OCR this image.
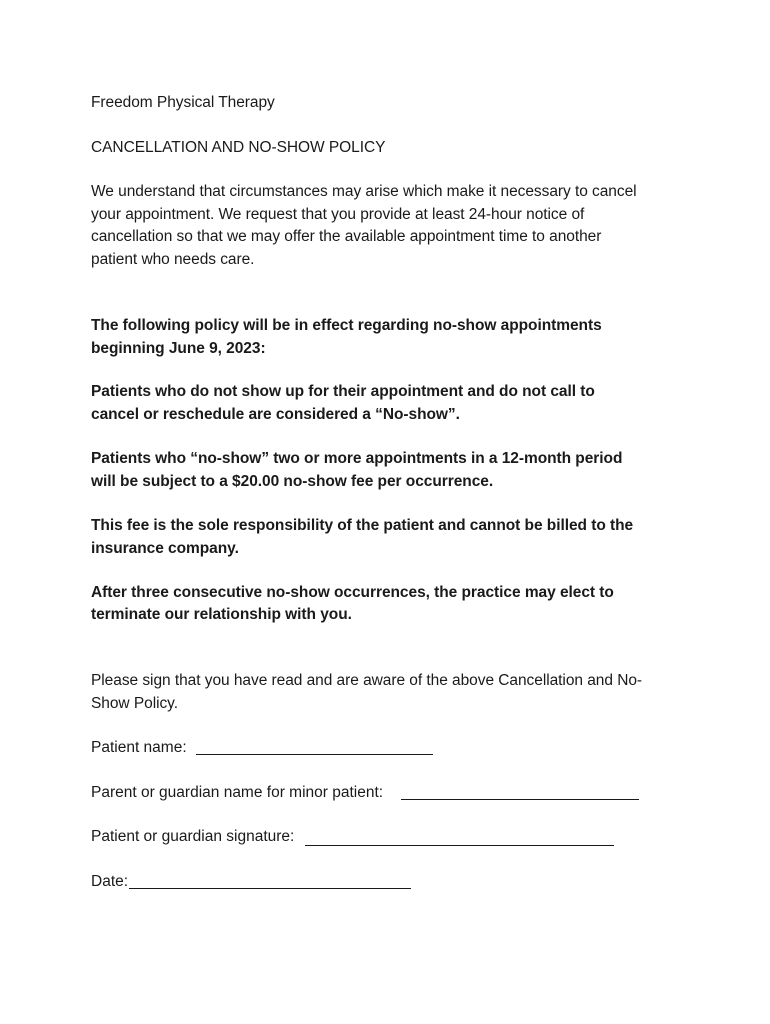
Freedom Physical Therapy
CANCELLATION AND NO-SHOW POLICY
We understand that circumstances may arise which make it necessary to cancel
your appointment. We request that you provide at least 24-hour notice of
cancellation so that we may offer the available appointment time to another
patient who needs care.
The following policy will be in effect regarding no-show appointments
beginning June 9, 2023:
Patients who do not show up for their appointment and do not call to
cancel or reschedule are considered a “No-show”.
Patients who “no-show” two or more appointments in a 12-month period
will be subject to a $20.00 no-show fee per occurrence.
This fee is the sole responsibility of the patient and cannot be billed to the
insurance company.
After three consecutive no-show occurrences, the practice may elect to
terminate our relationship with you.
Please sign that you have read and are aware of the above Cancellation and No-
Show Policy.
Patient name:
Parent or guardian name for minor patient:
Patient or guardian signature:
Date:
